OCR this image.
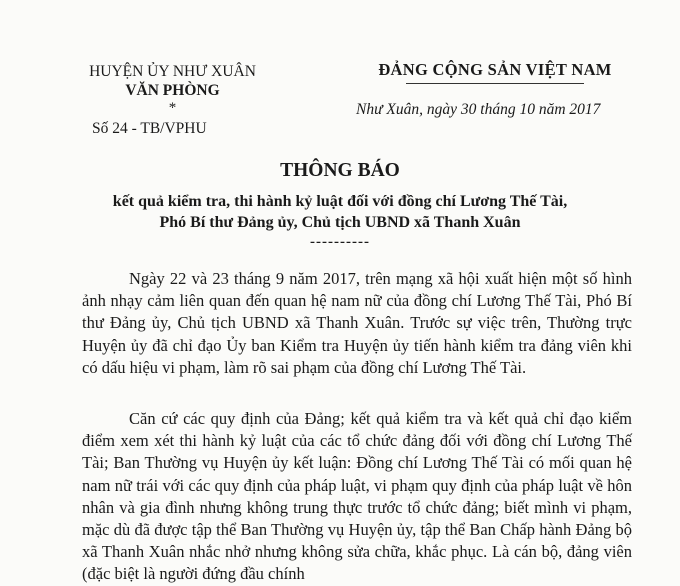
HUYỆN ỦY NHƯ XUÂN
VĂN PHÒNG
*
Số 24 - TB/VPHU
ĐẢNG CỘNG SẢN VIỆT NAM
Như Xuân, ngày 30 tháng 10 năm 2017
THÔNG BÁO
kết quả kiểm tra, thi hành kỷ luật đối với đồng chí Lương Thế Tài,
Phó Bí thư Đảng ủy, Chủ tịch UBND xã Thanh Xuân
----------

Ngày 22 và 23 tháng 9 năm 2017, trên mạng xã hội xuất hiện một số hình ảnh nhạy cảm liên quan đến quan hệ nam nữ của đồng chí Lương Thế Tài, Phó Bí thư Đảng ủy, Chủ tịch UBND xã Thanh Xuân. Trước sự việc trên, Thường trực Huyện ủy đã chỉ đạo Ủy ban Kiểm tra Huyện ủy tiến hành kiểm tra đảng viên khi có dấu hiệu vi phạm, làm rõ sai phạm của đồng chí Lương Thế Tài.

Căn cứ các quy định của Đảng; kết quả kiểm tra và kết quả chỉ đạo kiểm điểm xem xét thi hành kỷ luật của các tổ chức đảng đối với đồng chí Lương Thế Tài; Ban Thường vụ Huyện ủy kết luận: Đồng chí Lương Thế Tài có mối quan hệ nam nữ trái với các quy định của pháp luật, vi phạm quy định của pháp luật về hôn nhân và gia đình nhưng không trung thực trước tổ chức đảng; biết mình vi phạm, mặc dù đã được tập thể Ban Thường vụ Huyện ủy, tập thể Ban Chấp hành Đảng bộ xã Thanh Xuân nhắc nhở nhưng không sửa chữa, khắc phục. Là cán bộ, đảng viên (đặc biệt là người đứng đầu chính
